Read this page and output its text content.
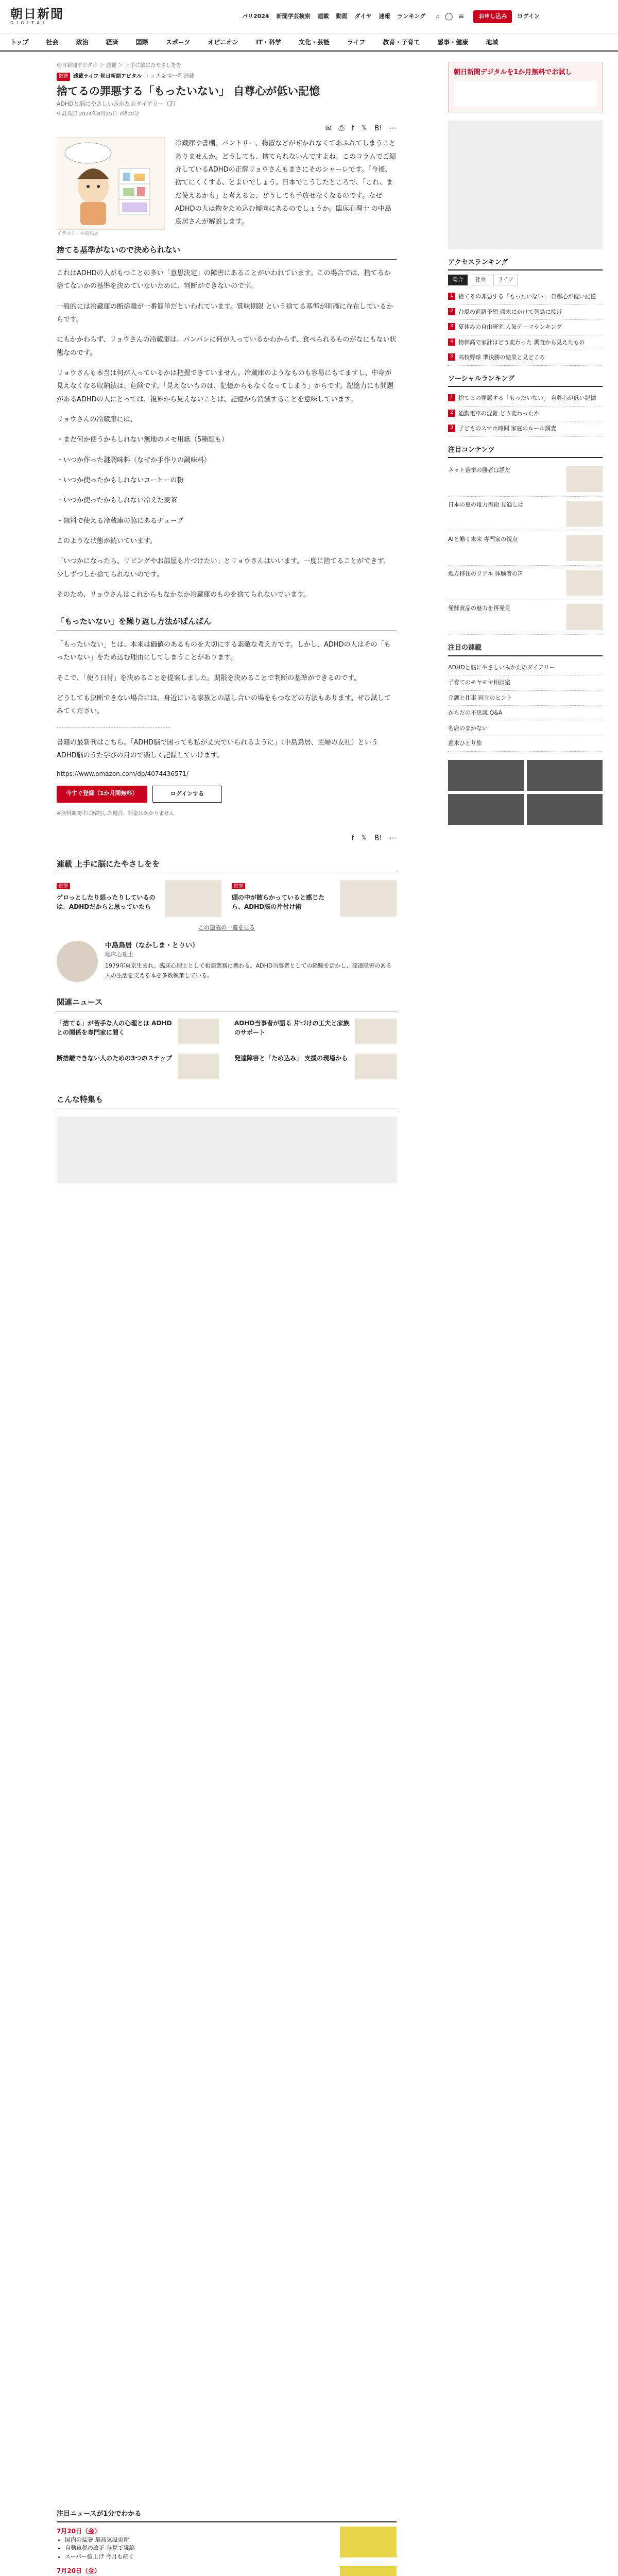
朝日新聞
DIGITAL
パリ2024 新聞学芸検索 連載 動画 ダイヤ 速報 ランキング ⌕ ◯ ≡	お申し込み	ログイン
トップ	社会	政治	経済	国際	スポーツ	オピニオン	IT・科学	文化・芸能	ライフ	教育・子育て	感事・健康	地域
朝日新聞デジタル ＞ 連載 ＞ 上手に脳にたやさしをを
医療	連載ライフ 朝日新聞アピタル トップ 記事一覧 連載
捨てるの罪悪する「もったいない」 自尊心が低い記憶
ADHDと脳にやさしいみかたのダイアリー（7）
中島鳥居 2024年8月25日 7時00分
✉ ⎙ f 𝕏 B! ⋯
イラスト：中島鳥居

冷蔵庫や書棚、パントリー、物置などがぜかれなくてあふれてしまうことありませんか。どうしても、捨てられないんですよね。このコラムでご紹介しているADHDの正解リョウさんもまさにそのシャーレです。「今後、捨てにくくする、とよいでしょう。日本でこうしたところで、「これ、まだ使えるかも」と考えると、どうしても手放せなくなるのです。なぜADHDの人は物をため込む傾向にあるのでしょうか。臨床心理士 の中島鳥居さんが解説します。

捨てる基準がないので決められない

これはADHDの人がもつことの多い「意思決定」の障害にあることがいわれています。この場合では、捨てるか捨てないかの基準を決めていないために、判断ができないのです。

一般的には冷蔵庫の断捨離が一番簡単だといわれています。賞味期限 という捨てる基準が明確に存在しているからです。

にもかかわらず、リョウさんの冷蔵庫は、パンパンに何が入っているかわからず、食べられるものがなにもない状態なのです。

リョウさんも本当は何が入っているかは把握できていません。冷蔵庫のようなものも容易にもてますし、中身が見えなくなる収納法は、危険です。「見えないものは、記憶からもなくなってしまう」からです。記憶力にも問題があるADHDの人にとっては、視界から見えないことは、記憶から消滅することを意味しています。

リョウさんの冷蔵庫には、

・まだ何か使うかもしれない無地のメモ用紙（5種類も）

・いつか作った謎調味料（なぜか手作りの調味料）

・いつか使ったかもしれないコーヒーの粉

・いつか使ったかもしれない冷えた麦茶

・無料で使える冷蔵庫の脇にあるチューブ

このような状態が続いています。

「いつかになったら、リビングやお部屋も片づけたい」とリョウさんはいいます。一度に捨てることができず、少しずつしか捨てられないのです。

そのため、リョウさんはこれからもなかなか冷蔵庫のものを捨てられないでいます。

「もったいない」を繰り返し方法がばんばん

「もったいない」とは、本来は価値のあるものを大切にする素敵な考え方です。しかし、ADHDの人はその「もったいない」をため込む理由にしてしまうことがあります。

そこで、「使う日付」を決めることを提案しました。期限を決めることで判断の基準ができるのです。

どうしても決断できない場合には、身近にいる家族との話し合いの場をもつなどの方法もあります。ぜひ試してみてください。

書籍の最新刊はこちら。「ADHD脳で困っても私が丈夫でいられるように」（中島鳥居、主婦の友社）というADHD脳のうた学びの目ので楽しく記録していけます。

https://www.amazon.com/dp/4074436571/
今すぐ登録（1か月間無料）	ログインする
※無料期間中に解約した場合、料金はかかりません
f 𝕏 B! ⋯
連載 上手に脳にたやさしをを
医療
ゲロっとしたり怒ったりしているのは、ADHDだからと思っていたら
医療
頭の中が散らかっていると感じたら、ADHD脳の片付け術
この連載の一覧を見る
中島鳥居（なかしま・とりい）
臨床心理士
1979年東京生まれ。臨床心理士として相談業務に携わる。ADHD当事者としての経験を活かし、発達障害のある人の生活を支える本を多数執筆している。
関連ニュース
「捨てる」が苦手な人の心理とは ADHDとの関係を専門家に聞く
ADHD当事者が語る 片づけの工夫と家族のサポート
断捨離できない人のための3つのステップ	発達障害と「ため込み」 支援の現場から
こんな特集も
朝日新聞デジタルを1か月無料でお試し
アクセスランキング
総合	社会	ライフ
1 捨てるの罪悪する「もったいない」 自尊心が低い記憶
2 台風の進路予想 週末にかけて列島に接近
3 夏休みの自由研究 人気テーマランキング
4 物価高で家計はどう変わった 調査から見えたもの
5 高校野球 準決勝の結果と見どころ
ソーシャルランキング
1 捨てるの罪悪する「もったいない」 自尊心が低い記憶
2 通勤電車の混雑 どう変わったか
3 子どものスマホ時間 家庭のルール調査
注目コンテンツ
ネット選挙の勝者は誰だ
日本の夏の電力需給 見通しは
AIと働く未来 専門家の視点
地方移住のリアル 体験者の声
発酵食品の魅力を再発見
注目の連載
ADHDと脳にやさしいみかたのダイアリー
子育てのモヤモヤ相談室
介護と仕事 両立のヒント
からだの不思議 Q&A
名店のまかない
週末ひとり旅
注目ニュースが1分でわかる
7月20日（金）
• 国内の猛暑 最高気温更新
• 自動車税の改正 与党で議論
• スーパー値上げ 今月も続く
7月20日（金）
•
